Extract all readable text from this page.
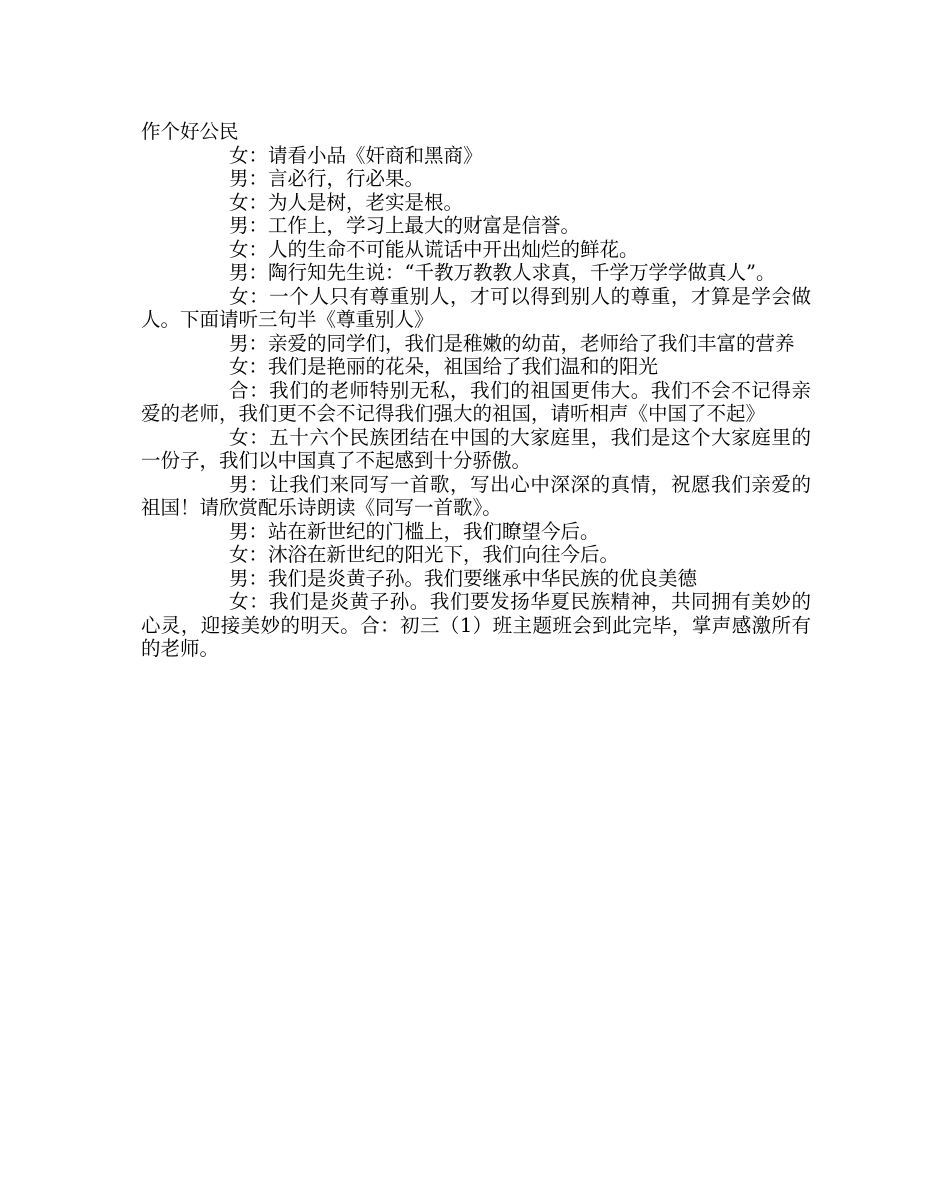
作个好公民

女：请看小品《奸商和黑商》

男：言必行，行必果。

女：为人是树，老实是根。

男：工作上，学习上最大的财富是信誉。

女：人的生命不可能从谎话中开出灿烂的鲜花。

男：陶行知先生说：“千教万教教人求真，千学万学学做真人”。

女：一个人只有尊重别人，才可以得到别人的尊重，才算是学会做人。下面请听三句半《尊重别人》

男：亲爱的同学们，我们是稚嫩的幼苗，老师给了我们丰富的营养

女：我们是艳丽的花朵，祖国给了我们温和的阳光

合：我们的老师特别无私，我们的祖国更伟大。我们不会不记得亲爱的老师，我们更不会不记得我们强大的祖国，请听相声《中国了不起》

女：五十六个民族团结在中国的大家庭里，我们是这个大家庭里的一份子，我们以中国真了不起感到十分骄傲。

男：让我们来同写一首歌，写出心中深深的真情，祝愿我们亲爱的祖国！请欣赏配乐诗朗读《同写一首歌》。

男：站在新世纪的门槛上，我们瞭望今后。

女：沐浴在新世纪的阳光下，我们向往今后。

男：我们是炎黄子孙。我们要继承中华民族的优良美德

女：我们是炎黄子孙。我们要发扬华夏民族精神，共同拥有美妙的心灵，迎接美妙的明天。合：初三（1）班主题班会到此完毕，掌声感激所有的老师。
